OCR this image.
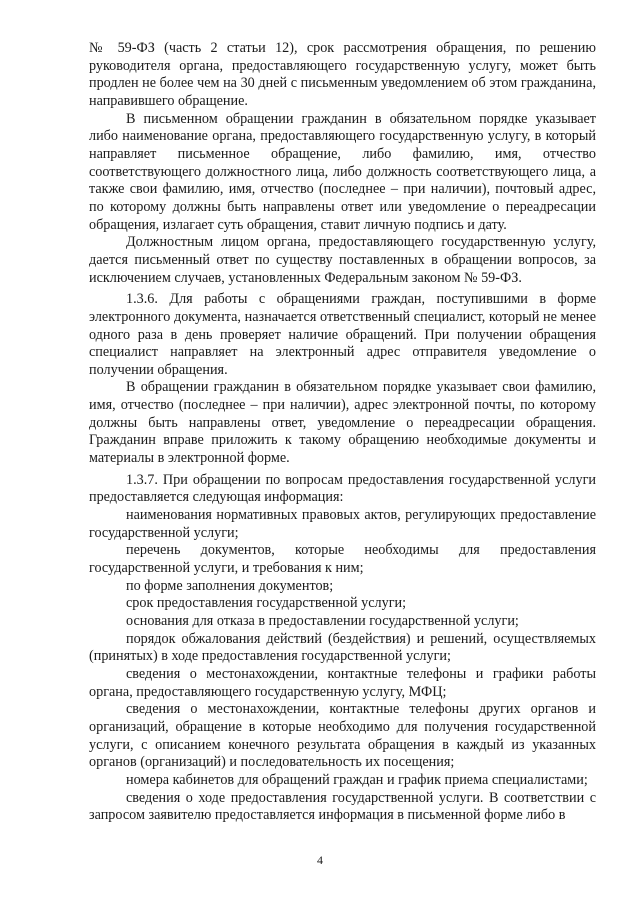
№ 59-ФЗ (часть 2 статьи 12), срок рассмотрения обращения, по решению руководителя органа, предоставляющего государственную услугу, может быть продлен не более чем на 30 дней с письменным уведомлением об этом гражданина, направившего обращение.

В письменном обращении гражданин в обязательном порядке указывает либо наименование органа, предоставляющего государственную услугу, в который направляет письменное обращение, либо фамилию, имя, отчество соответствующего должностного лица, либо должность соответствующего лица, а также свои фамилию, имя, отчество (последнее – при наличии), почтовый адрес, по которому должны быть направлены ответ или уведомление о переадресации обращения, излагает суть обращения, ставит личную подпись и дату.

Должностным лицом органа, предоставляющего государственную услугу, дается письменный ответ по существу поставленных в обращении вопросов, за исключением случаев, установленных Федеральным законом № 59-ФЗ.

1.3.6. Для работы с обращениями граждан, поступившими в форме электронного документа, назначается ответственный специалист, который не менее одного раза в день проверяет наличие обращений. При получении обращения специалист направляет на электронный адрес отправителя уведомление о получении обращения.

В обращении гражданин в обязательном порядке указывает свои фамилию, имя, отчество (последнее – при наличии), адрес электронной почты, по которому должны быть направлены ответ, уведомление о переадресации обращения. Гражданин вправе приложить к такому обращению необходимые документы и материалы в электронной форме.

1.3.7. При обращении по вопросам предоставления государственной услуги предоставляется следующая информация:

наименования нормативных правовых актов, регулирующих предоставление государственной услуги;

перечень документов, которые необходимы для предоставления государственной услуги, и требования к ним;

по форме заполнения документов;

срок предоставления государственной услуги;

основания для отказа в предоставлении государственной услуги;

порядок обжалования действий (бездействия) и решений, осуществляемых (принятых) в ходе предоставления государственной услуги;

сведения о местонахождении, контактные телефоны и графики работы органа, предоставляющего государственную услугу, МФЦ;

сведения о местонахождении, контактные телефоны других органов и организаций, обращение в которые необходимо для получения государственной услуги, с описанием конечного результата обращения в каждый из указанных органов (организаций) и последовательность их посещения;

номера кабинетов для обращений граждан и график приема специалистами;

сведения о ходе предоставления государственной услуги. В соответствии с запросом заявителю предоставляется информация в письменной форме либо в

4
